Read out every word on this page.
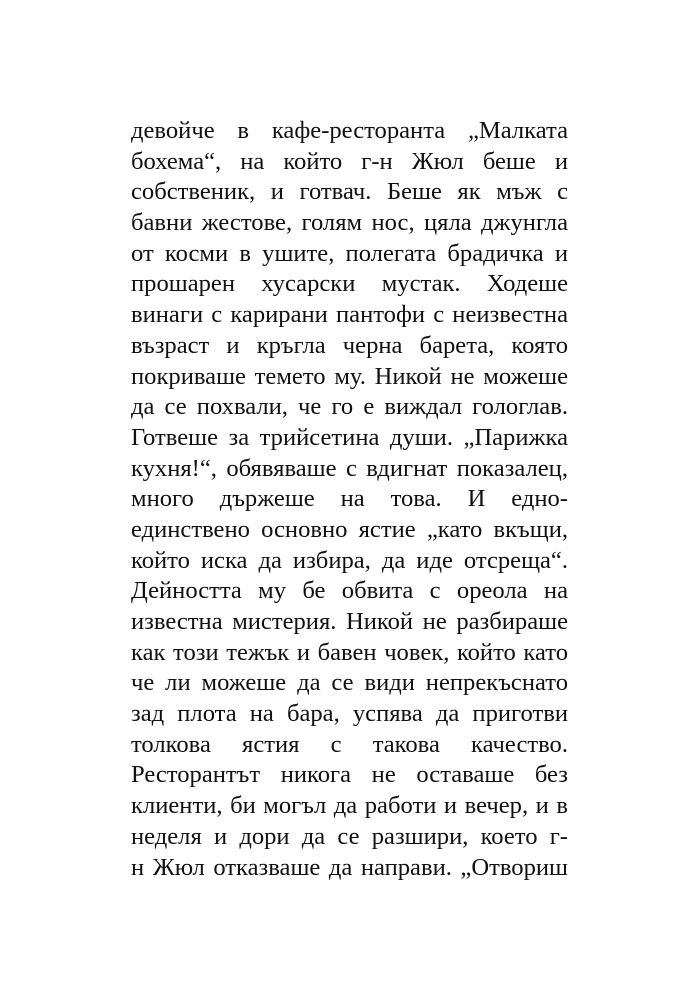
девойче в кафе-ресторанта „Малката
бохема“, на който г-н Жюл беше и
собственик, и готвач. Беше як мъж с
бавни жестове, голям нос, цяла джунгла
от косми в ушите, полегата брадичка и
прошарен хусарски мустак. Ходеше
винаги с карирани пантофи с неизвестна
възраст и кръгла черна барета, която
покриваше темето му. Никой не можеше
да се похвали, че го е виждал гологлав.
Готвеше за трийсетина души. „Парижка
кухня!“, обявяваше с вдигнат показалец,
много държеше на това. И едно-
единствено основно ястие „като вкъщи,
който иска да избира, да иде отсреща“.
Дейността му бе обвита с ореола на
известна мистерия. Никой не разбираше
как този тежък и бавен човек, който като
че ли можеше да се види непрекъснато
зад плота на бара, успява да приготви
толкова ястия с такова качество.
Ресторантът никога не оставаше без
клиенти, би могъл да работи и вечер, и в
неделя и дори да се разшири, което г-
н Жюл отказваше да направи. „Отвориш
